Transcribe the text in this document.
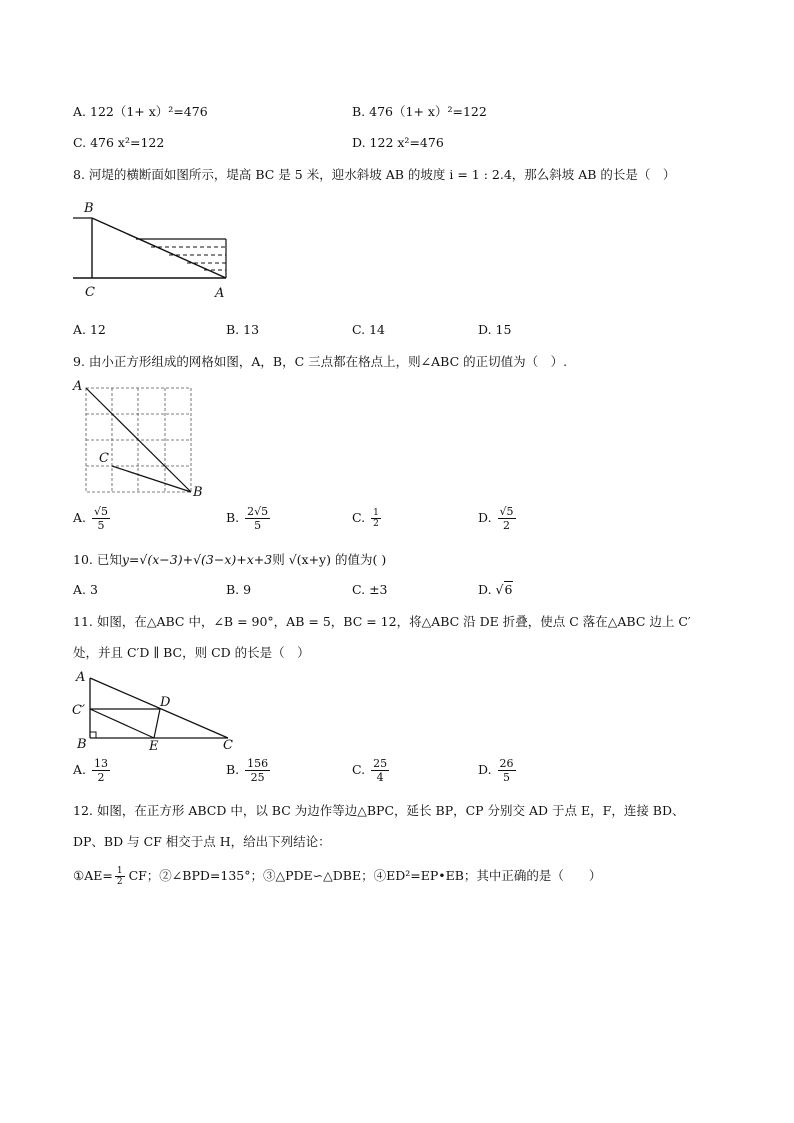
A. 122（1+ x）²=476	B. 476（1+ x）²=122
C. 476 x²=122	D. 122 x²=476
8. 河堤的横断面如图所示，堤高 BC 是 5 米，迎水斜坡 AB 的坡度 i = 1 : 2.4，那么斜坡 AB 的长是（　）
B
C	A
A. 12	B. 13	C. 14	D. 15
9. 由小正方形组成的网格如图，A，B，C 三点都在格点上，则∠ABC 的正切值为（　）.
A
C
B
A. $\frac{√5}{5}$	B. $\frac{2√5}{5}$	C. $\frac{1}{2}$	D. $\frac{√5}{2}$
10. 已知y=√(x−3)+√(3−x)+x+3则 √(x+y) 的值为( )
A. 3	B. 9	C. ±3	D. √6
11. 如图，在△ABC 中，∠B = 90°，AB = 5，BC = 12，将△ABC 沿 DE 折叠，使点 C 落在△ABC 边上 C′
处，并且 C′D ∥ BC，则 CD 的长是（　）
A
C′
B	E	C
D
A. $\frac{13}{2}$	B. $\frac{156}{25}$	C. $\frac{25}{4}$	D. $\frac{26}{5}$
12. 如图，在正方形 ABCD 中，以 BC 为边作等边△BPC，延长 BP，CP 分别交 AD 于点 E，F，连接 BD、
DP、BD 与 CF 相交于点 H，给出下列结论：
①AE= $\frac{1}{2}$ CF；②∠BPD=135°；③△PDE∽△DBE；④ED²=EP•EB；其中正确的是（　　）
